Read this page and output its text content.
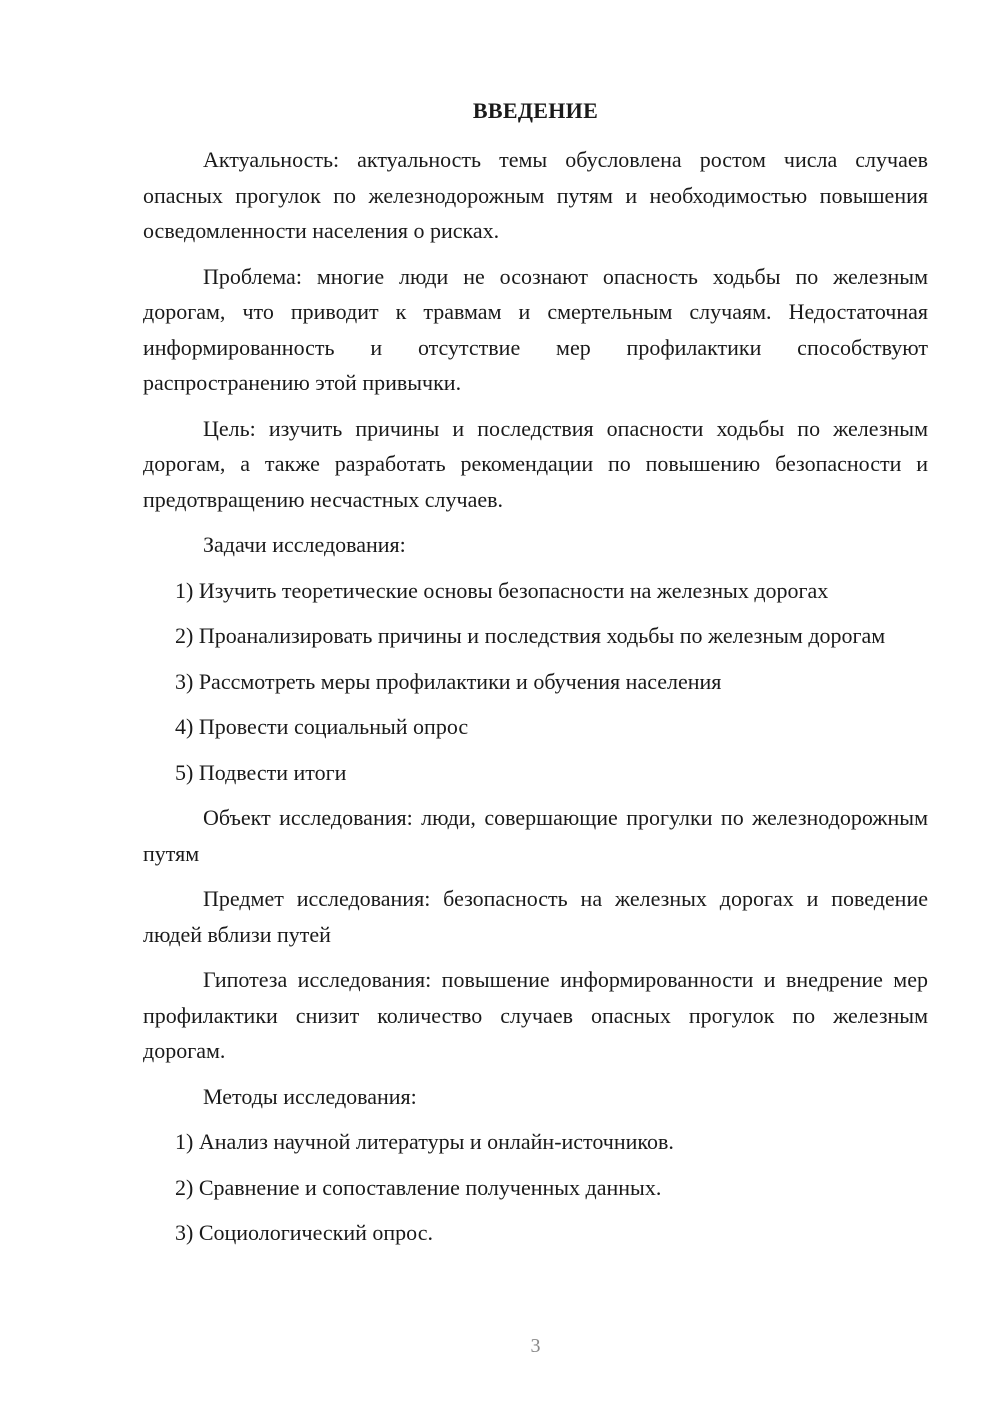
ВВЕДЕНИЕ

Актуальность: актуальность темы обусловлена ростом числа случаев опасных прогулок по железнодорожным путям и необходимостью повышения осведомленности населения о рисках.

Проблема: многие люди не осознают опасность ходьбы по железным дорогам, что приводит к травмам и смертельным случаям. Недостаточная информированность и отсутствие мер профилактики способствуют распространению этой привычки.

Цель: изучить причины и последствия опасности ходьбы по железным дорогам, а также разработать рекомендации по повышению безопасности и предотвращению несчастных случаев.

Задачи исследования:

1) Изучить теоретические основы безопасности на железных дорогах

2) Проанализировать причины и последствия ходьбы по железным дорогам

3) Рассмотреть меры профилактики и обучения населения

4) Провести социальный опрос

5) Подвести итоги

Объект исследования: люди, совершающие прогулки по железнодорожным путям

Предмет исследования: безопасность на железных дорогах и поведение людей вблизи путей

Гипотеза исследования: повышение информированности и внедрение мер профилактики снизит количество случаев опасных прогулок по железным дорогам.

Методы исследования:

1) Анализ научной литературы и онлайн-источников.

2) Сравнение и сопоставление полученных данных.

3) Социологический опрос.

3
